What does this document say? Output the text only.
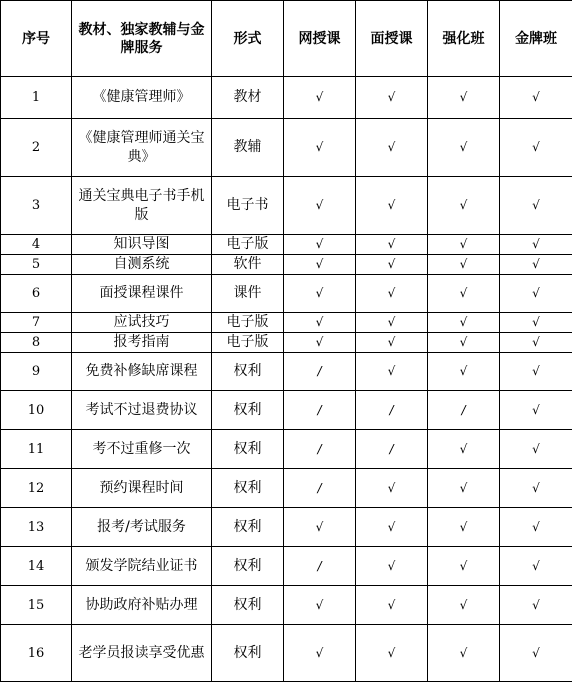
序号	教材、独家教辅与金牌服务	形式	网授课	面授课	强化班	金牌班
1	《健康管理师》	教材	√	√	√	√
2	《健康管理师通关宝典》	教辅	√	√	√	√
3	通关宝典电子书手机版	电子书	√	√	√	√
4	知识导图	电子版	√	√	√	√
5	自测系统	软件	√	√	√	√
6	面授课程课件	课件	√	√	√	√
7	应试技巧	电子版	√	√	√	√
8	报考指南	电子版	√	√	√	√
9	免费补修缺席课程	权利	/	√	√	√
10	考试不过退费协议	权利	/	/	/	√
11	考不过重修一次	权利	/	/	√	√
12	预约课程时间	权利	/	√	√	√
13	报考/考试服务	权利	√	√	√	√
14	颁发学院结业证书	权利	/	√	√	√
15	协助政府补贴办理	权利	√	√	√	√
16	老学员报读享受优惠	权利	√	√	√	√
